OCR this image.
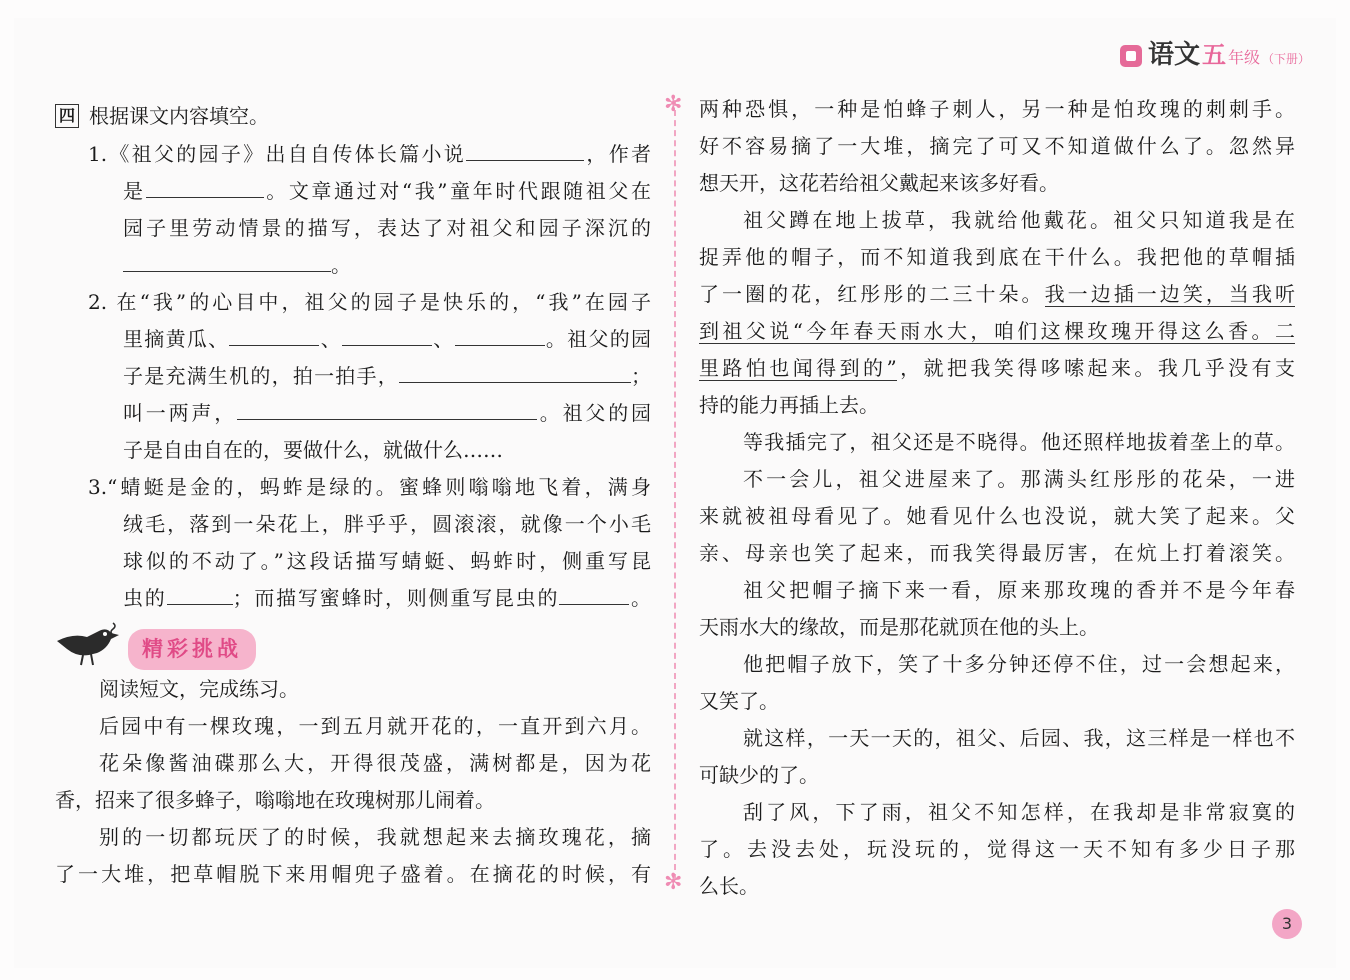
语文 五 年级 （下册）
四 根据课文内容填空。
1.《祖父的园子》出自自传体长篇小说	，作者
是	。文章通过对“我”童年时代跟随祖父在
园子里劳动情景的描写，表达了对祖父和园子深沉的
。
2. 在“我”的心目中，祖父的园子是快乐的，“我”在园子
里摘黄瓜、	、	、	。祖父的园
子是充满生机的，拍一拍手，	；
叫一两声，	。祖父的园
子是自由自在的，要做什么，就做什么……
3.“蜻蜓是金的，蚂蚱是绿的。蜜蜂则嗡嗡地飞着，满身
绒毛，落到一朵花上，胖乎乎，圆滚滚，就像一个小毛
球似的不动了。”这段话描写蜻蜓、蚂蚱时，侧重写昆
虫的	；而描写蜜蜂时，则侧重写昆虫的	。
精彩挑战
阅读短文，完成练习。
后园中有一棵玫瑰，一到五月就开花的，一直开到六月。
花朵像酱油碟那么大，开得很茂盛，满树都是，因为花
香，招来了很多蜂子，嗡嗡地在玫瑰树那儿闹着。
别的一切都玩厌了的时候，我就想起来去摘玫瑰花，摘
了一大堆，把草帽脱下来用帽兜子盛着。在摘花的时候，有
✻
✻
两种恐惧，一种是怕蜂子刺人，另一种是怕玫瑰的刺刺手。
好不容易摘了一大堆，摘完了可又不知道做什么了。忽然异
想天开，这花若给祖父戴起来该多好看。
祖父蹲在地上拔草，我就给他戴花。祖父只知道我是在
捉弄他的帽子，而不知道我到底在干什么。我把他的草帽插
了一圈的花，红彤彤的二三十朵。我一边插一边笑，当我听
到祖父说“今年春天雨水大，咱们这棵玫瑰开得这么香。二
里路怕也闻得到的”，就把我笑得哆嗦起来。我几乎没有支
持的能力再插上去。
等我插完了，祖父还是不晓得。他还照样地拔着垄上的草。
不一会儿，祖父进屋来了。那满头红彤彤的花朵，一进
来就被祖母看见了。她看见什么也没说，就大笑了起来。父
亲、母亲也笑了起来，而我笑得最厉害，在炕上打着滚笑。
祖父把帽子摘下来一看，原来那玫瑰的香并不是今年春
天雨水大的缘故，而是那花就顶在他的头上。
他把帽子放下，笑了十多分钟还停不住，过一会想起来，
又笑了。
就这样，一天一天的，祖父、后园、我，这三样是一样也不
可缺少的了。
刮了风，下了雨，祖父不知怎样，在我却是非常寂寞的
了。去没去处，玩没玩的，觉得这一天不知有多少日子那
么长。
3
